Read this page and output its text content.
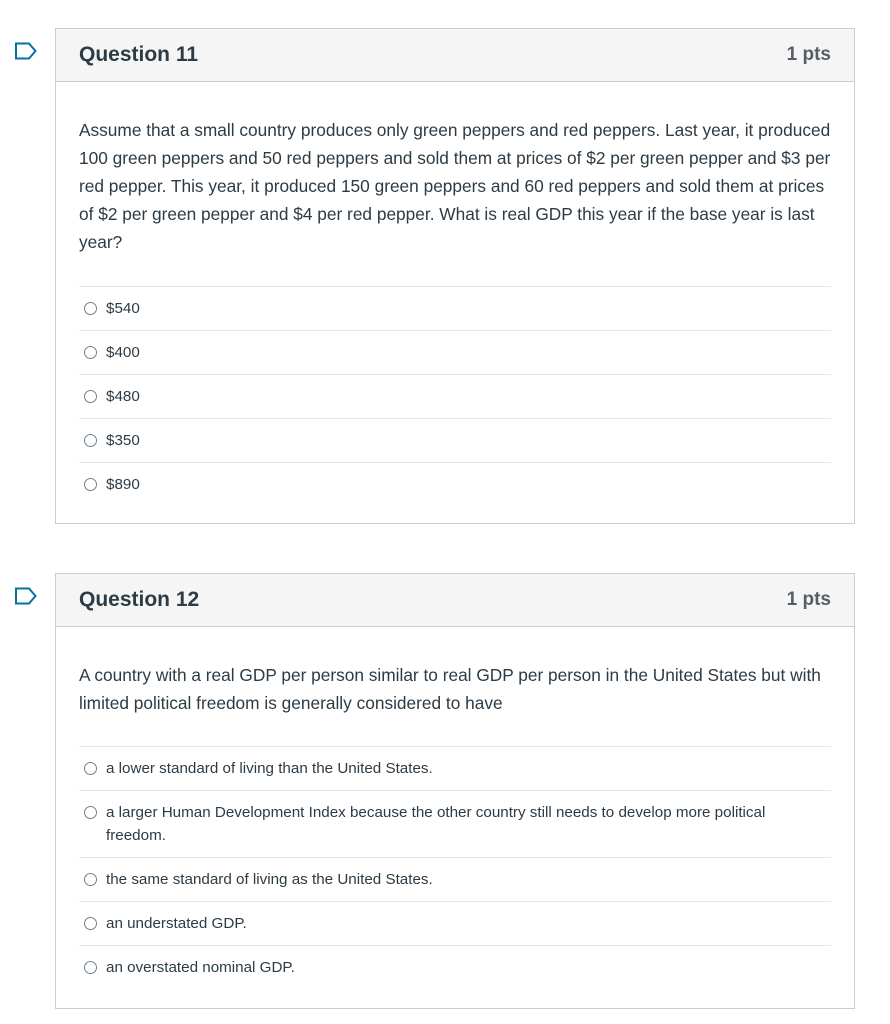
Question 11	1 pts

Assume that a small country produces only green peppers and red peppers. Last year, it produced 100 green peppers and 50 red peppers and sold them at prices of $2 per green pepper and $3 per red pepper. This year, it produced 150 green peppers and 60 red peppers and sold them at prices of $2 per green pepper and $4 per red pepper. What is real GDP this year if the base year is last year?

$540
$400
$480
$350
$890
Question 12	1 pts

A country with a real GDP per person similar to real GDP per person in the United States but with limited political freedom is generally considered to have

a lower standard of living than the United States.
a larger Human Development Index because the other country still needs to develop more political freedom.
the same standard of living as the United States.
an understated GDP.
an overstated nominal GDP.
